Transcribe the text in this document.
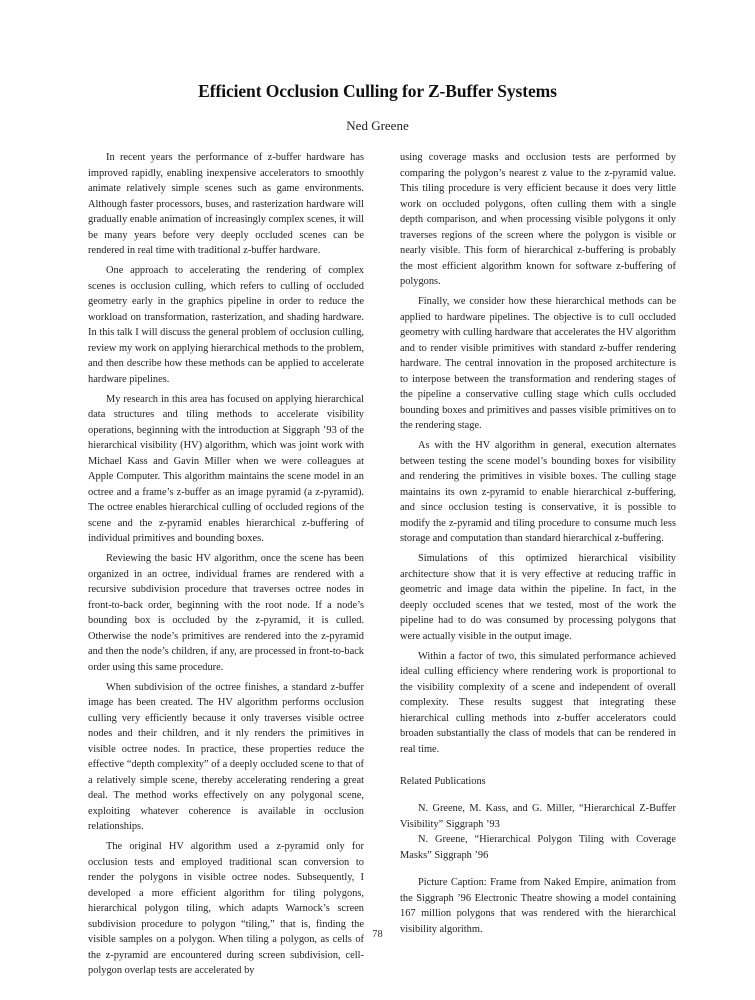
Efficient Occlusion Culling for Z-Buffer Systems
Ned Greene

In recent years the performance of z-buffer hardware has improved rapidly, enabling inexpensive accelerators to smoothly animate relatively simple scenes such as game environments. Although faster processors, buses, and rasterization hardware will gradually enable animation of increasingly complex scenes, it will be many years before very deeply occluded scenes can be rendered in real time with traditional z-buffer hardware.

One approach to accelerating the rendering of complex scenes is occlusion culling, which refers to culling of occluded geometry early in the graphics pipeline in order to reduce the workload on transformation, rasterization, and shading hardware. In this talk I will discuss the general problem of occlusion culling, review my work on applying hierarchical methods to the problem, and then describe how these methods can be applied to accelerate hardware pipelines.

My research in this area has focused on applying hierarchical data structures and tiling methods to accelerate visibility operations, beginning with the introduction at Siggraph ’93 of the hierarchical visibility (HV) algorithm, which was joint work with Michael Kass and Gavin Miller when we were colleagues at Apple Computer. This algorithm maintains the scene model in an octree and a frame’s z-buffer as an image pyramid (a z-pyramid). The octree enables hierarchical culling of occluded regions of the scene and the z-pyramid enables hierarchical z-buffering of individual primitives and bounding boxes.

Reviewing the basic HV algorithm, once the scene has been organized in an octree, individual frames are rendered with a recursive subdivision procedure that traverses octree nodes in front-to-back order, beginning with the root node. If a node’s bounding box is occluded by the z-pyramid, it is culled. Otherwise the node’s primitives are rendered into the z-pyramid and then the node’s children, if any, are processed in front-to-back order using this same procedure.

When subdivision of the octree finishes, a standard z-buffer image has been created. The HV algorithm performs occlusion culling very efficiently because it only traverses visible octree nodes and their children, and it nly renders the primitives in visible octree nodes. In practice, these properties reduce the effective “depth complexity” of a deeply occluded scene to that of a relatively simple scene, thereby accelerating rendering a great deal. The method works effectively on any polygonal scene, exploiting whatever coherence is available in occlusion relationships.

The original HV algorithm used a z-pyramid only for occlusion tests and employed traditional scan conversion to render the polygons in visible octree nodes. Subsequently, I developed a more efficient algorithm for tiling polygons, hierarchical polygon tiling, which adapts Warnock’s screen subdivision procedure to polygon “tiling,” that is, finding the visible samples on a polygon. When tiling a polygon, as cells of the z-pyramid are encountered during screen subdivision, cell-polygon overlap tests are accelerated by

using coverage masks and occlusion tests are performed by comparing the polygon’s nearest z value to the z-pyramid value. This tiling procedure is very efficient because it does very little work on occluded polygons, often culling them with a single depth comparison, and when processing visible polygons it only traverses regions of the screen where the polygon is visible or nearly visible. This form of hierarchical z-buffering is probably the most efficient algorithm known for software z-buffering of polygons.

Finally, we consider how these hierarchical methods can be applied to hardware pipelines. The objective is to cull occluded geometry with culling hardware that accelerates the HV algorithm and to render visible primitives with standard z-buffer rendering hardware. The central innovation in the proposed architecture is to interpose between the transformation and rendering stages of the pipeline a conservative culling stage which culls occluded bounding boxes and primitives and passes visible primitives on to the rendering stage.

As with the HV algorithm in general, execution alternates between testing the scene model’s bounding boxes for visibility and rendering the primitives in visible boxes. The culling stage maintains its own z-pyramid to enable hierarchical z-buffering, and since occlusion testing is conservative, it is possible to modify the z-pyramid and tiling procedure to consume much less storage and computation than standard hierarchical z-buffering.

Simulations of this optimized hierarchical visibility architecture show that it is very effective at reducing traffic in geometric and image data within the pipeline. In fact, in the deeply occluded scenes that we tested, most of the work the pipeline had to do was consumed by processing polygons that were actually visible in the output image.

Within a factor of two, this simulated performance achieved ideal culling efficiency where rendering work is proportional to the visibility complexity of a scene and independent of overall complexity. These results suggest that integrating these hierarchical culling methods into z-buffer accelerators could broaden substantially the class of models that can be rendered in real time.

Related Publications

N. Greene, M. Kass, and G. Miller, “Hierarchical Z-Buffer Visibility” Siggraph ’93

N. Greene, “Hierarchical Polygon Tiling with Coverage Masks” Siggraph ’96

Picture Caption: Frame from Naked Empire, animation from the Siggraph ’96 Electronic Theatre showing a model containing 167 million polygons that was rendered with the hierarchical visibility algorithm.

78
